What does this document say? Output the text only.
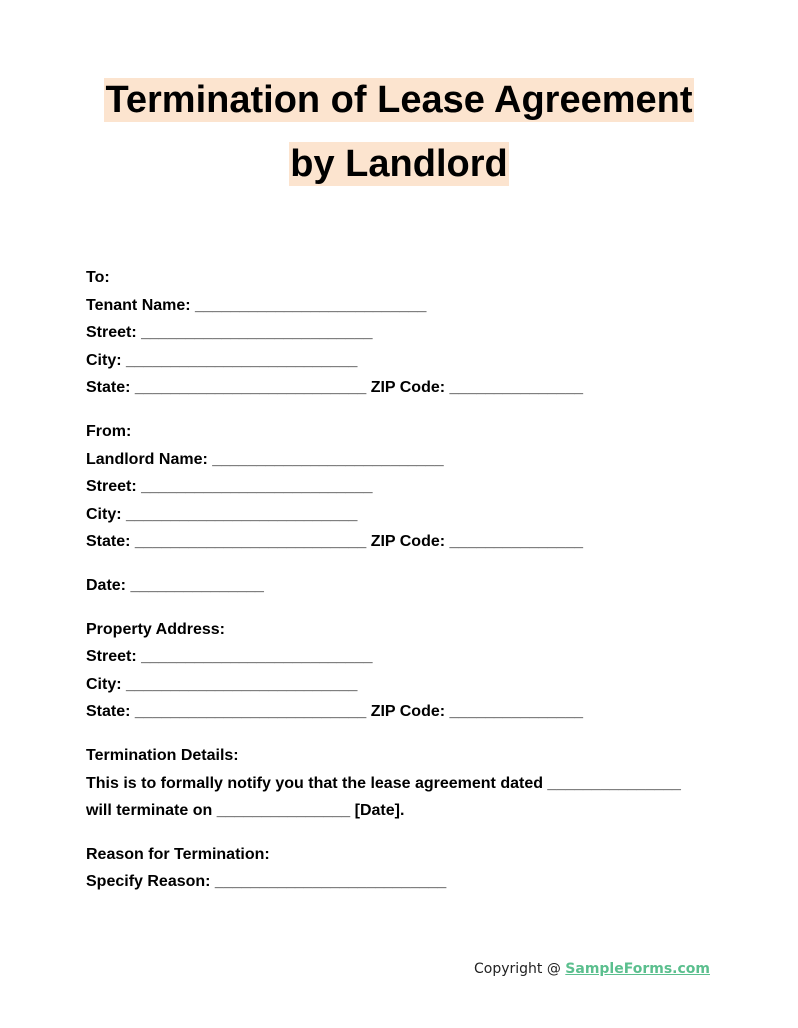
Termination of Lease Agreement
by Landlord
To:
Tenant Name: __________________________
Street: __________________________
City: __________________________
State: __________________________ ZIP Code: _______________
From:
Landlord Name: __________________________
Street: __________________________
City: __________________________
State: __________________________ ZIP Code: _______________
Date: _______________
Property Address:
Street: __________________________
City: __________________________
State: __________________________ ZIP Code: _______________
Termination Details:
This is to formally notify you that the lease agreement dated _______________
will terminate on _______________ [Date].
Reason for Termination:
Specify Reason: __________________________
Copyright @ SampleForms.com
